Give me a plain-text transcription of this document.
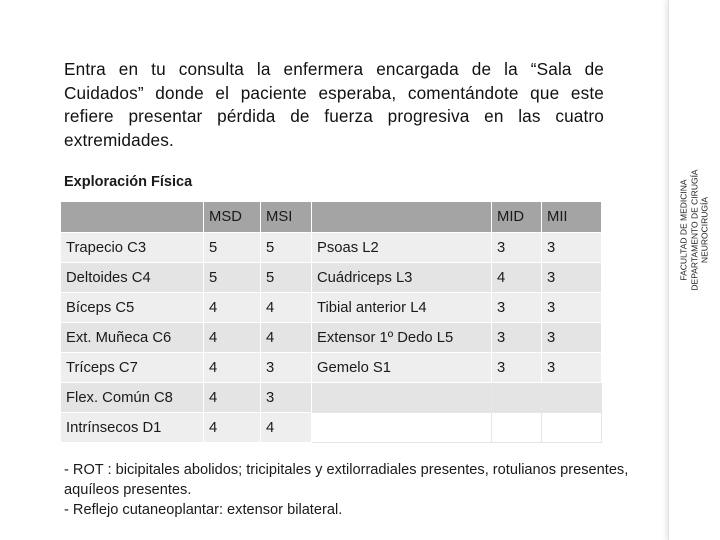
FACULTAD DE MEDICINA DEPARTAMENTO DE CIRUGÍA NEUROCIRUGÍA
Entra en tu consulta la enfermera encargada de la “Sala de Cuidados” donde el paciente esperaba, comentándote que este refiere presentar pérdida de fuerza progresiva en las cuatro extremidades.
Exploración Física
	MSD	MSI		MID	MII
Trapecio C3	5	5	Psoas L2	3	3
Deltoides C4	5	5	Cuádriceps L3	4	3
Bíceps C5	4	4	Tibial anterior L4	3	3
Ext. Muñeca C6	4	4	Extensor 1º Dedo L5	3	3
Tríceps C7	4	3	Gemelo S1	3	3
Flex. Común C8	4	3			
Intrínsecos D1	4	4			

- ROT : bicipitales abolidos; tricipitales y extilorradiales presentes, rotulianos presentes, aquíleos presentes.

- Reflejo cutaneoplantar: extensor bilateral.
